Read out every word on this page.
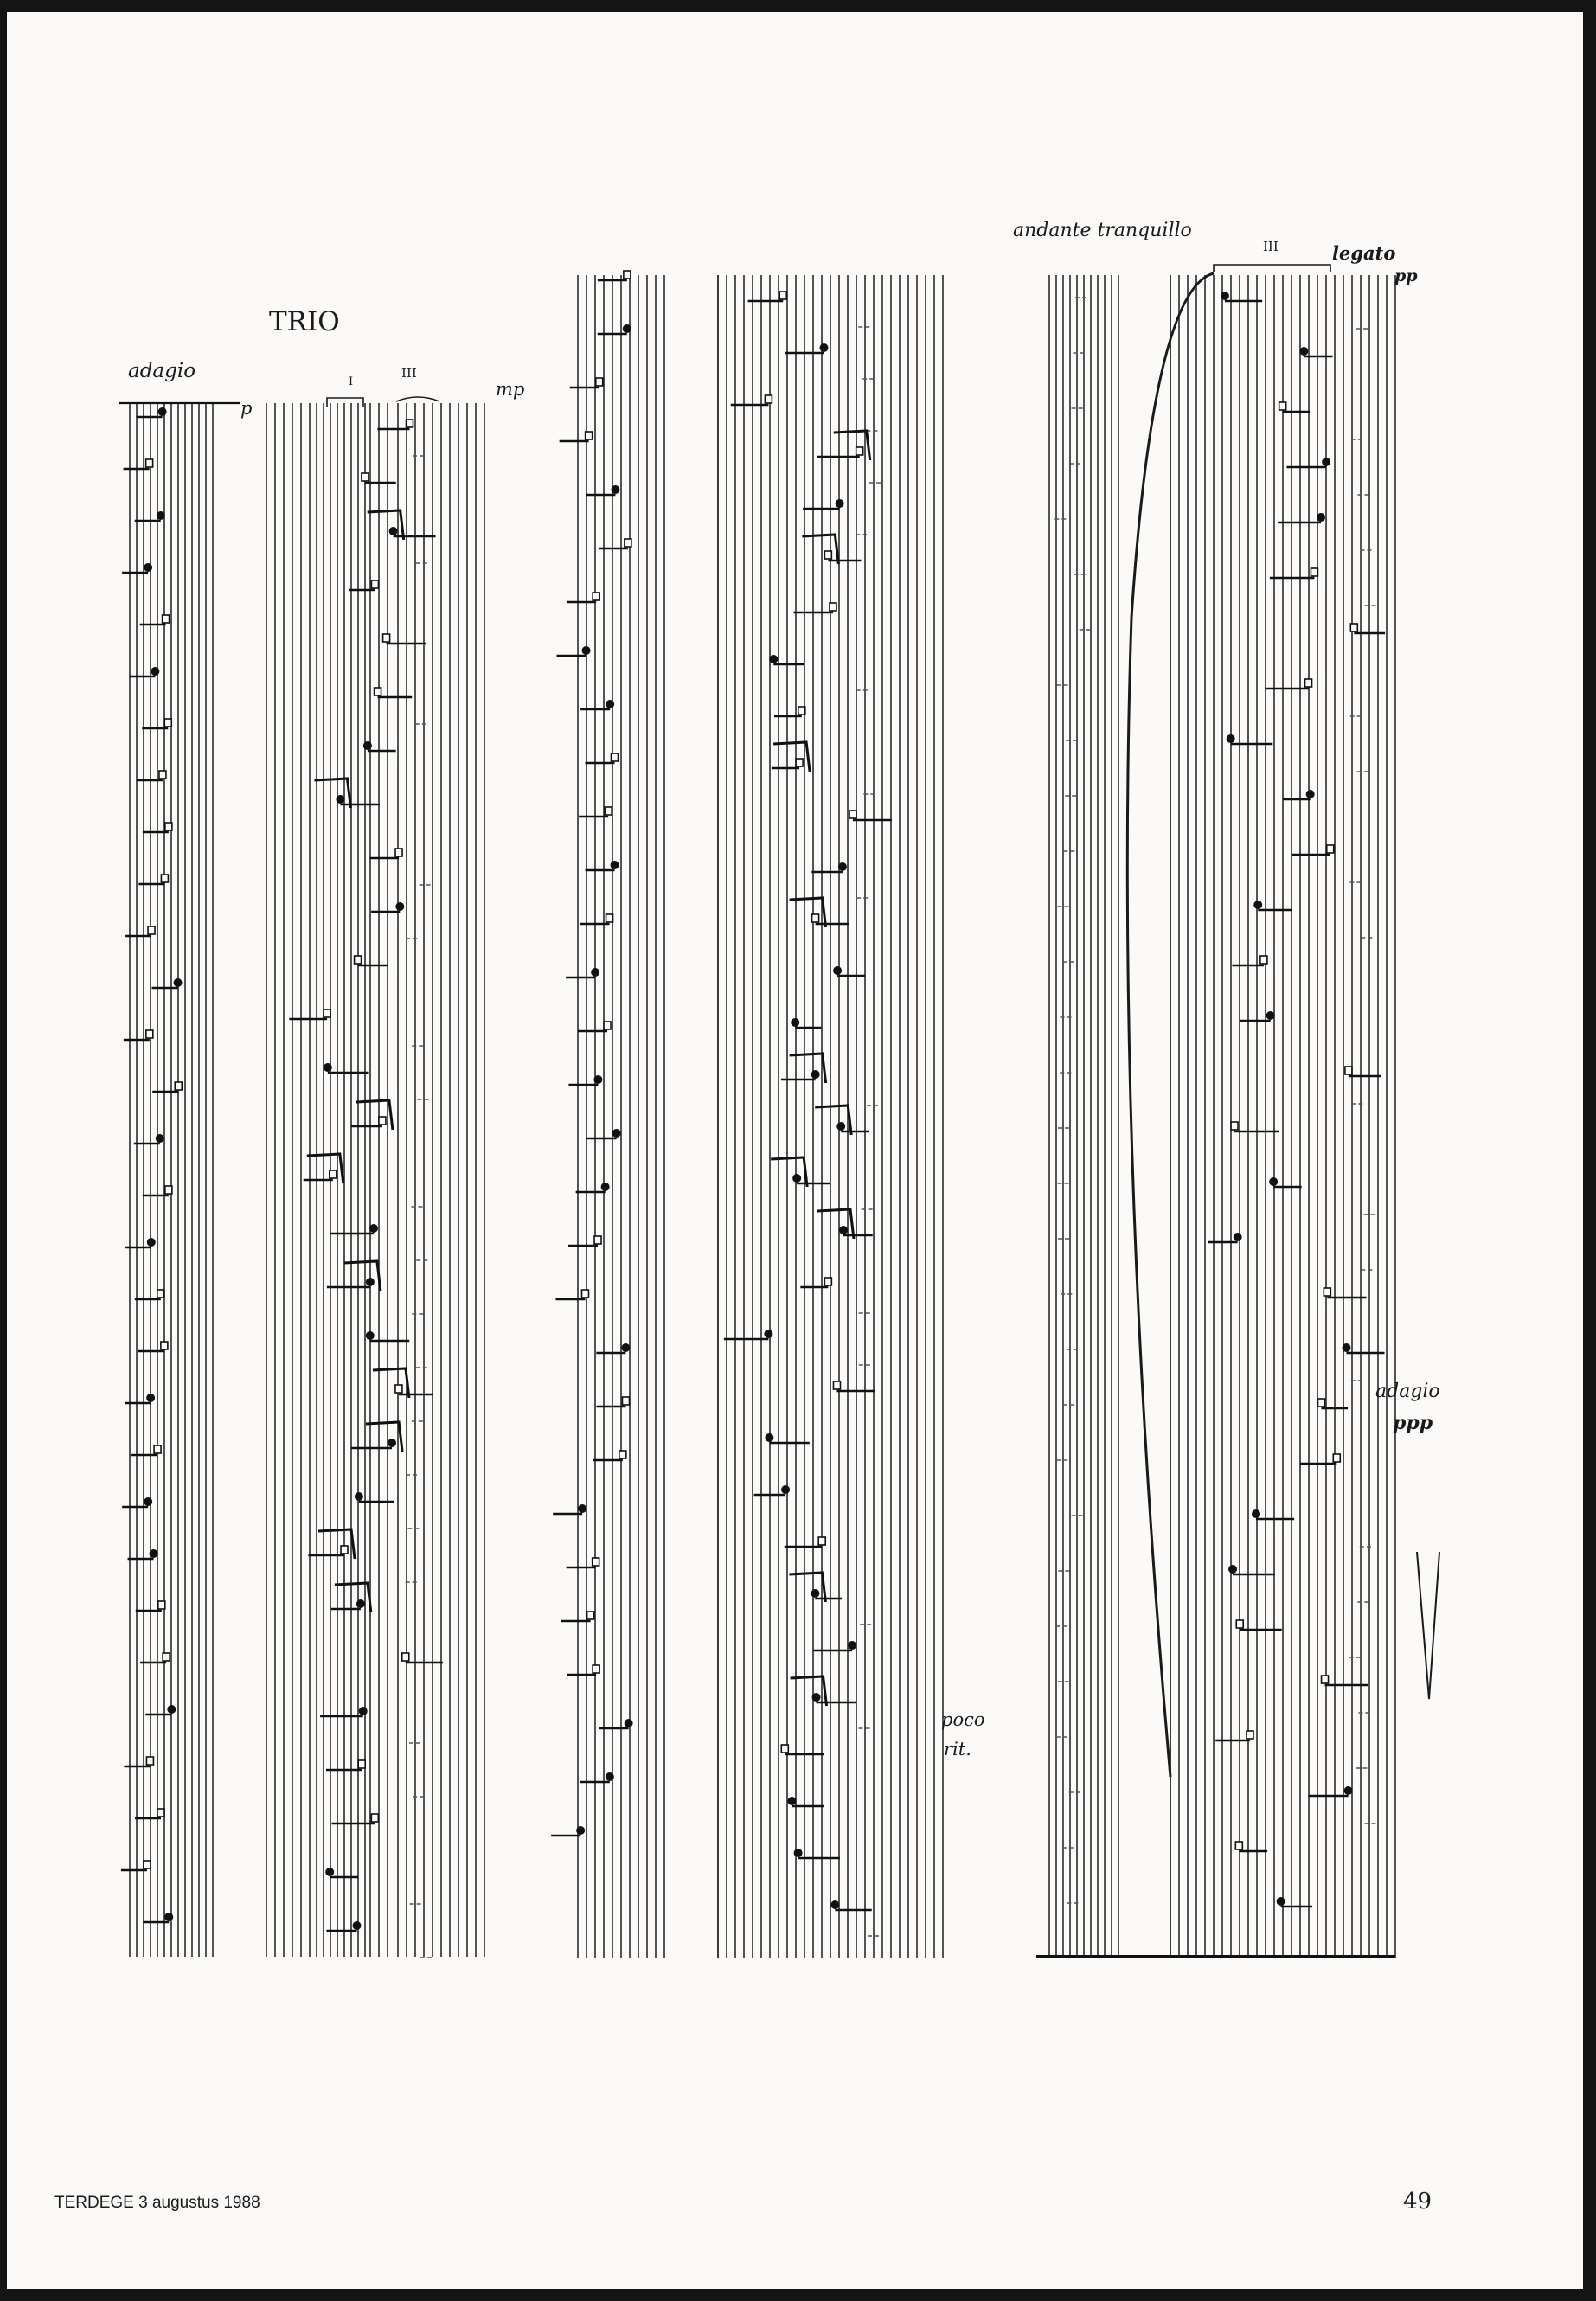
TRIO
adagio
p
I
III
mp
poco
rit.
andante tranquillo
III	legato
pp
adagio
ppp
TERDEGE 3 augustus 1988	49
